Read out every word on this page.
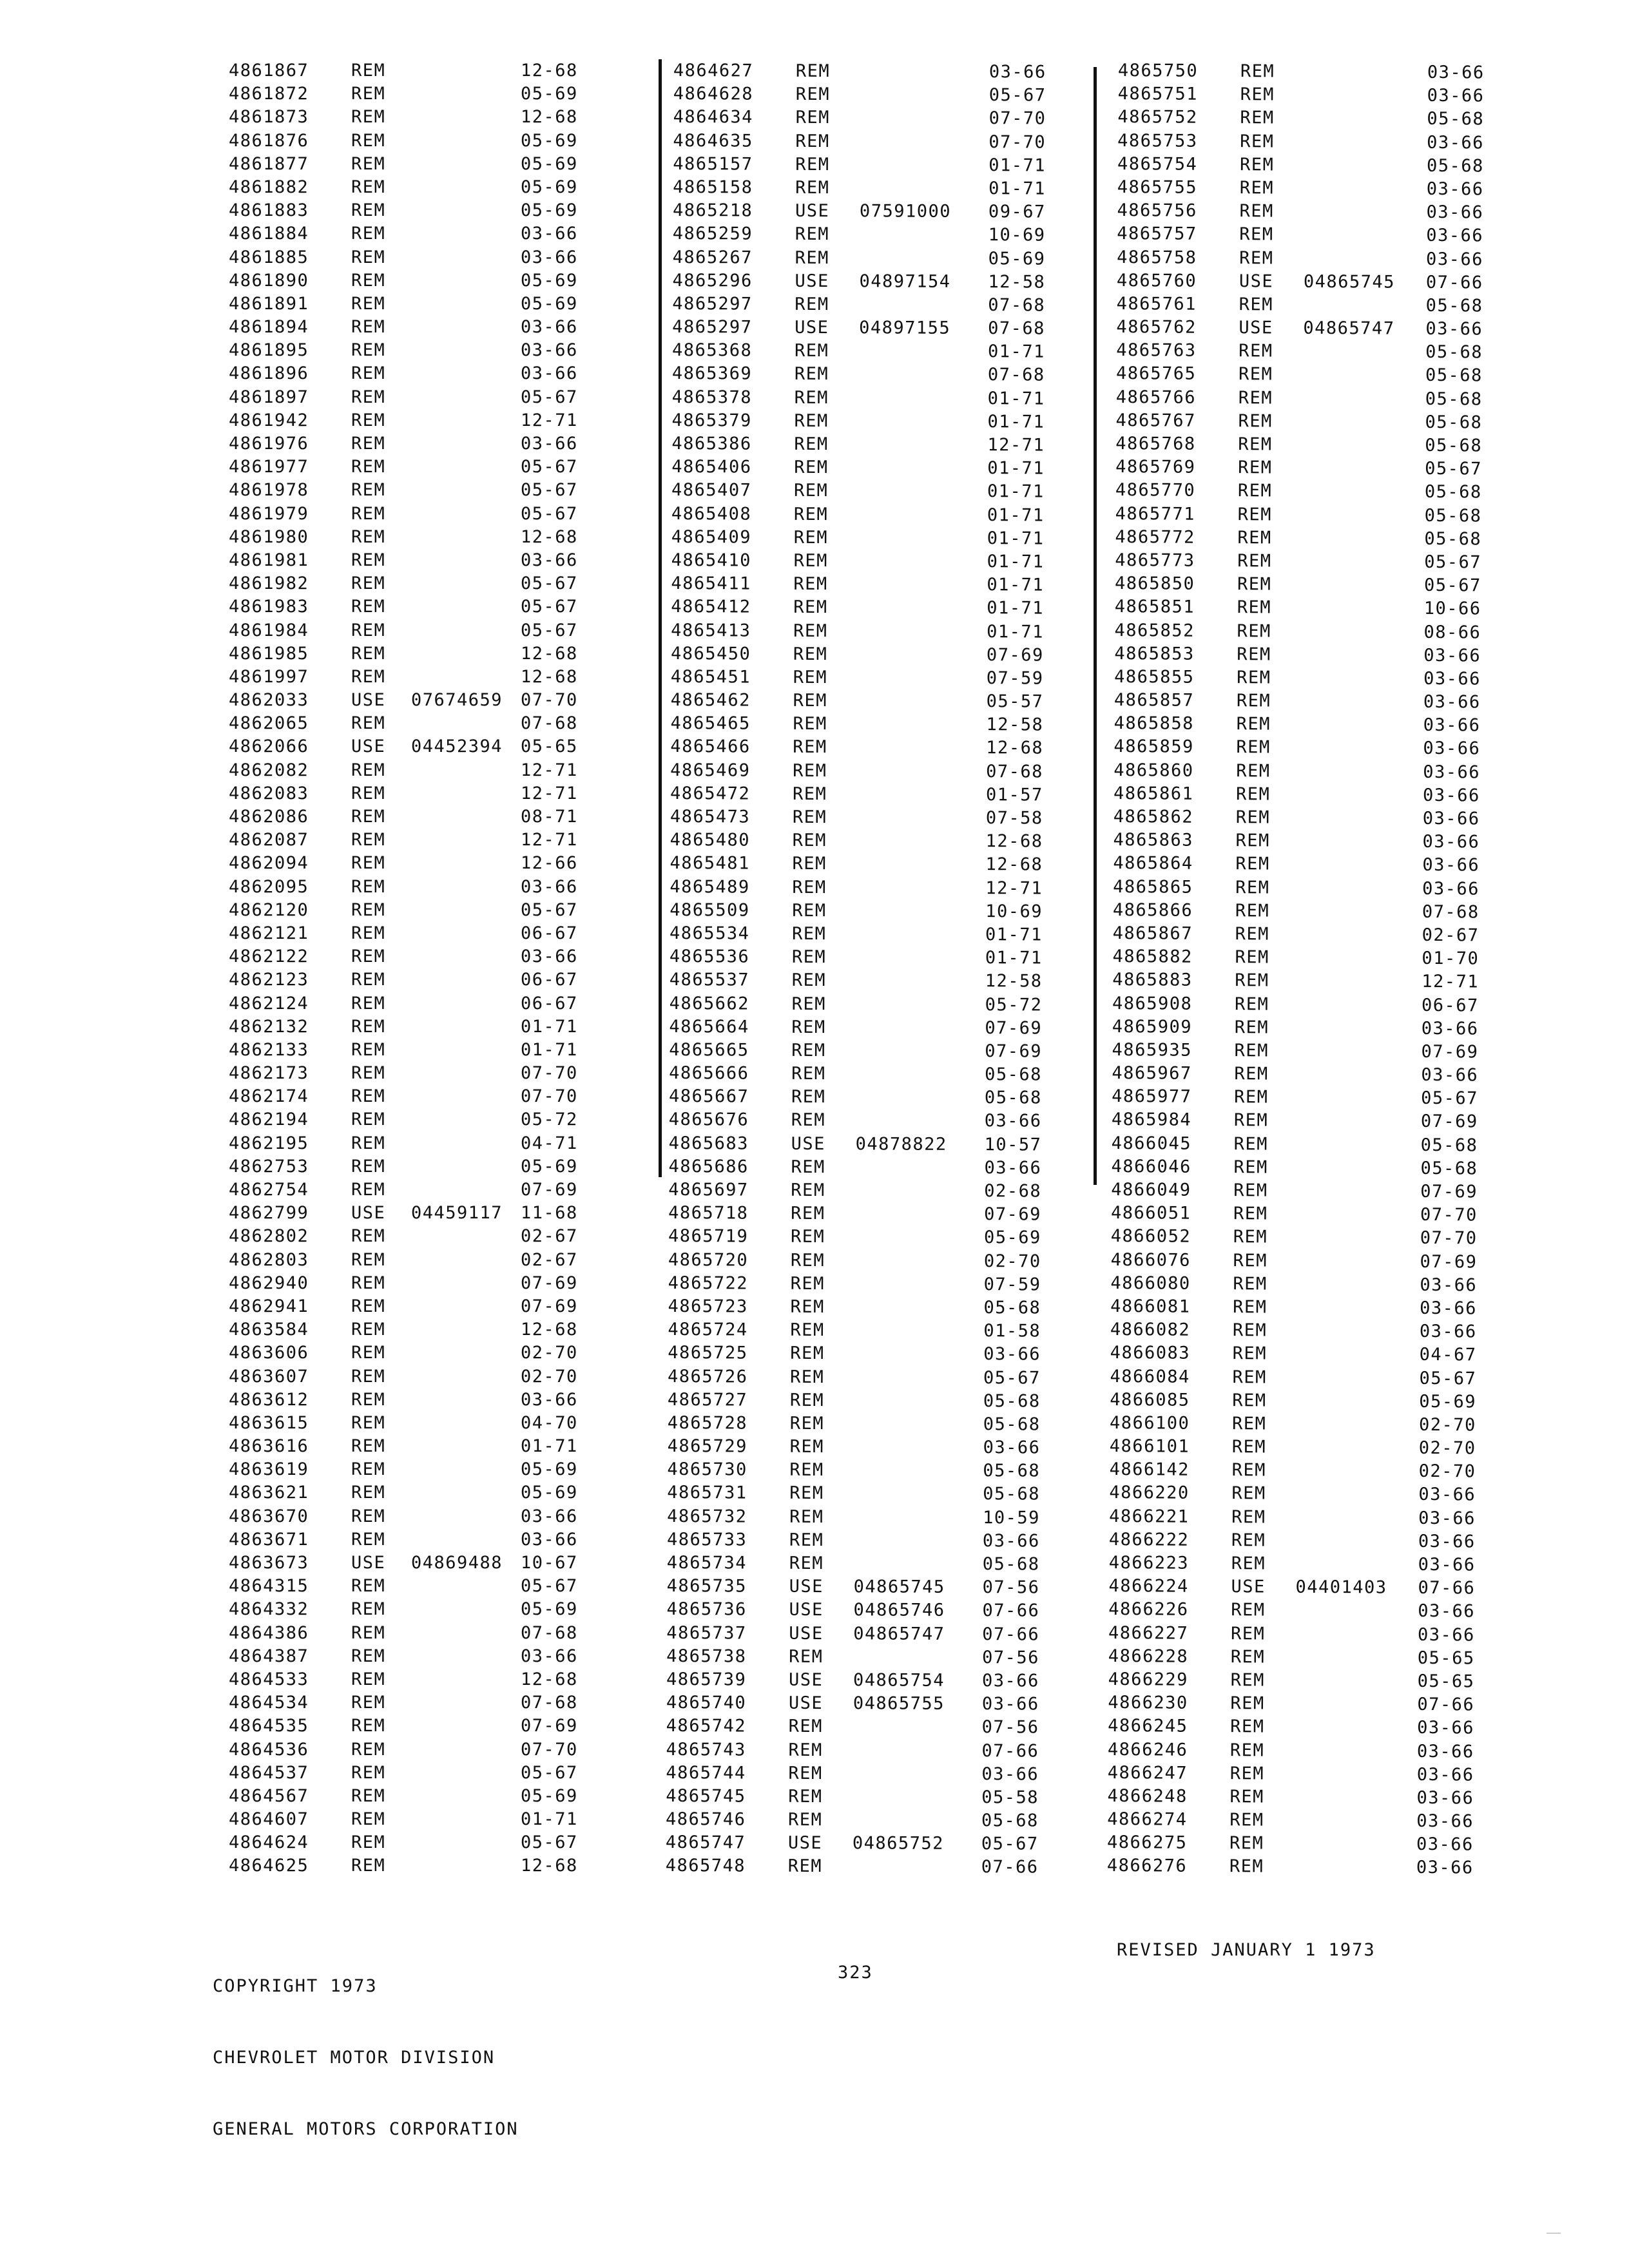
4861867 REM	12-68
4861872 REM	05-69
4861873 REM	12-68
4861876 REM	05-69
4861877 REM	05-69
4861882 REM	05-69
4861883 REM	05-69
4861884 REM	03-66
4861885 REM	03-66
4861890 REM	05-69
4861891 REM	05-69
4861894 REM	03-66
4861895 REM	03-66
4861896 REM	03-66
4861897 REM	05-67
4861942 REM	12-71
4861976 REM	03-66
4861977 REM	05-67
4861978 REM	05-67
4861979 REM	05-67
4861980 REM	12-68
4861981 REM	03-66
4861982 REM	05-67
4861983 REM	05-67
4861984 REM	05-67
4861985 REM	12-68
4861997 REM	12-68
4862033 USE 07674659 07-70
4862065 REM	07-68
4862066 USE 04452394 05-65
4862082 REM	12-71
4862083 REM	12-71
4862086 REM	08-71
4862087 REM	12-71
4862094 REM	12-66
4862095 REM	03-66
4862120 REM	05-67
4862121 REM	06-67
4862122 REM	03-66
4862123 REM	06-67
4862124 REM	06-67
4862132 REM	01-71
4862133 REM	01-71
4862173 REM	07-70
4862174 REM	07-70
4862194 REM	05-72
4862195 REM	04-71
4862753 REM	05-69
4862754 REM	07-69
4862799 USE 04459117 11-68
4862802 REM	02-67
4862803 REM	02-67
4862940 REM	07-69
4862941 REM	07-69
4863584 REM	12-68
4863606 REM	02-70
4863607 REM	02-70
4863612 REM	03-66
4863615 REM	04-70
4863616 REM	01-71
4863619 REM	05-69
4863621 REM	05-69
4863670 REM	03-66
4863671 REM	03-66
4863673 USE 04869488 10-67
4864315 REM	05-67
4864332 REM	05-69
4864386 REM	07-68
4864387 REM	03-66
4864533 REM	12-68
4864534 REM	07-68
4864535 REM	07-69
4864536 REM	07-70
4864537 REM	05-67
4864567 REM	05-69
4864607 REM	01-71
4864624 REM	05-67
4864625 REM	12-68
4864627 REM	03-66
4864628 REM	05-67
4864634 REM	07-70
4864635 REM	07-70
4865157 REM	01-71
4865158 REM	01-71
4865218 USE 07591000 09-67
4865259 REM	10-69
4865267 REM	05-69
4865296 USE 04897154 12-58
4865297 REM	07-68
4865297 USE 04897155 07-68
4865368 REM	01-71
4865369 REM	07-68
4865378 REM	01-71
4865379 REM	01-71
4865386 REM	12-71
4865406 REM	01-71
4865407 REM	01-71
4865408 REM	01-71
4865409 REM	01-71
4865410 REM	01-71
4865411 REM	01-71
4865412 REM	01-71
4865413 REM	01-71
4865450 REM	07-69
4865451 REM	07-59
4865462 REM	05-57
4865465 REM	12-58
4865466 REM	12-68
4865469 REM	07-68
4865472 REM	01-57
4865473 REM	07-58
4865480 REM	12-68
4865481 REM	12-68
4865489 REM	12-71
4865509 REM	10-69
4865534 REM	01-71
4865536 REM	01-71
4865537 REM	12-58
4865662 REM	05-72
4865664 REM	07-69
4865665 REM	07-69
4865666 REM	05-68
4865667 REM	05-68
4865676 REM	03-66
4865683 USE 04878822 10-57
4865686 REM	03-66
4865697 REM	02-68
4865718 REM	07-69
4865719 REM	05-69
4865720 REM	02-70
4865722 REM	07-59
4865723 REM	05-68
4865724 REM	01-58
4865725 REM	03-66
4865726 REM	05-67
4865727 REM	05-68
4865728 REM	05-68
4865729 REM	03-66
4865730 REM	05-68
4865731 REM	05-68
4865732 REM	10-59
4865733 REM	03-66
4865734 REM	05-68
4865735 USE 04865745 07-56
4865736 USE 04865746 07-66
4865737 USE 04865747 07-66
4865738 REM	07-56
4865739 USE 04865754 03-66
4865740 USE 04865755 03-66
4865742 REM	07-56
4865743 REM	07-66
4865744 REM	03-66
4865745 REM	05-58
4865746 REM	05-68
4865747 USE 04865752 05-67
4865748 REM	07-66
4865750 REM	03-66
4865751 REM	03-66
4865752 REM	05-68
4865753 REM	03-66
4865754 REM	05-68
4865755 REM	03-66
4865756 REM	03-66
4865757 REM	03-66
4865758 REM	03-66
4865760 USE 04865745 07-66
4865761 REM	05-68
4865762 USE 04865747 03-66
4865763 REM	05-68
4865765 REM	05-68
4865766 REM	05-68
4865767 REM	05-68
4865768 REM	05-68
4865769 REM	05-67
4865770 REM	05-68
4865771 REM	05-68
4865772 REM	05-68
4865773 REM	05-67
4865850 REM	05-67
4865851 REM	10-66
4865852 REM	08-66
4865853 REM	03-66
4865855 REM	03-66
4865857 REM	03-66
4865858 REM	03-66
4865859 REM	03-66
4865860 REM	03-66
4865861 REM	03-66
4865862 REM	03-66
4865863 REM	03-66
4865864 REM	03-66
4865865 REM	03-66
4865866 REM	07-68
4865867 REM	02-67
4865882 REM	01-70
4865883 REM	12-71
4865908 REM	06-67
4865909 REM	03-66
4865935 REM	07-69
4865967 REM	03-66
4865977 REM	05-67
4865984 REM	07-69
4866045 REM	05-68
4866046 REM	05-68
4866049 REM	07-69
4866051 REM	07-70
4866052 REM	07-70
4866076 REM	07-69
4866080 REM	03-66
4866081 REM	03-66
4866082 REM	03-66
4866083 REM	04-67
4866084 REM	05-67
4866085 REM	05-69
4866100 REM	02-70
4866101 REM	02-70
4866142 REM	02-70
4866220 REM	03-66
4866221 REM	03-66
4866222 REM	03-66
4866223 REM	03-66
4866224 USE 04401403 07-66
4866226 REM	03-66
4866227 REM	03-66
4866228 REM	05-65
4866229 REM	05-65
4866230 REM	07-66
4866245 REM	03-66
4866246 REM	03-66
4866247 REM	03-66
4866248 REM	03-66
4866274 REM	03-66
4866275 REM	03-66
4866276 REM	03-66

COPYRIGHT 1973

CHEVROLET MOTOR DIVISION

GENERAL MOTORS CORPORATION

323
REVISED JANUARY 1 1973
